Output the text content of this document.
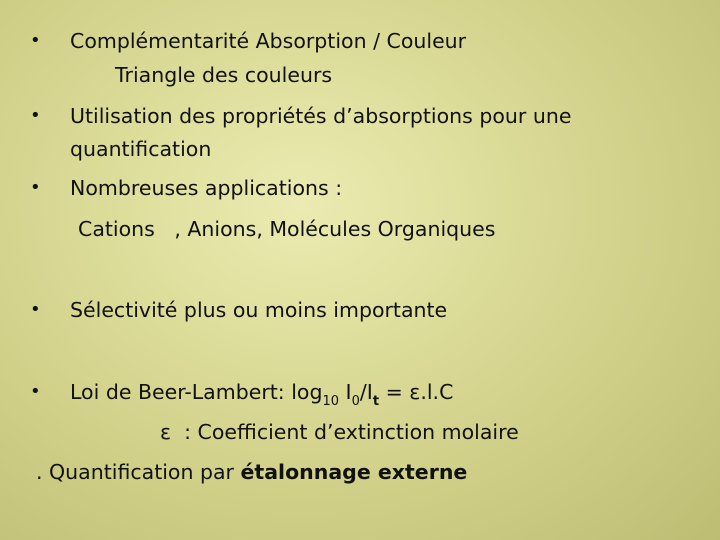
• Complémentarité Absorption / Couleur
Triangle des couleurs
• Utilisation des propriétés d’absorptions pour une
quantification
• Nombreuses applications :
Cations   , Anions, Molécules Organiques
• Sélectivité plus ou moins importante
• Loi de Beer-Lambert: $\log_{10} I_0/I_t = \varepsilon.l.C$
ε  : Coefficient d’extinction molaire
. Quantification par étalonnage externe
